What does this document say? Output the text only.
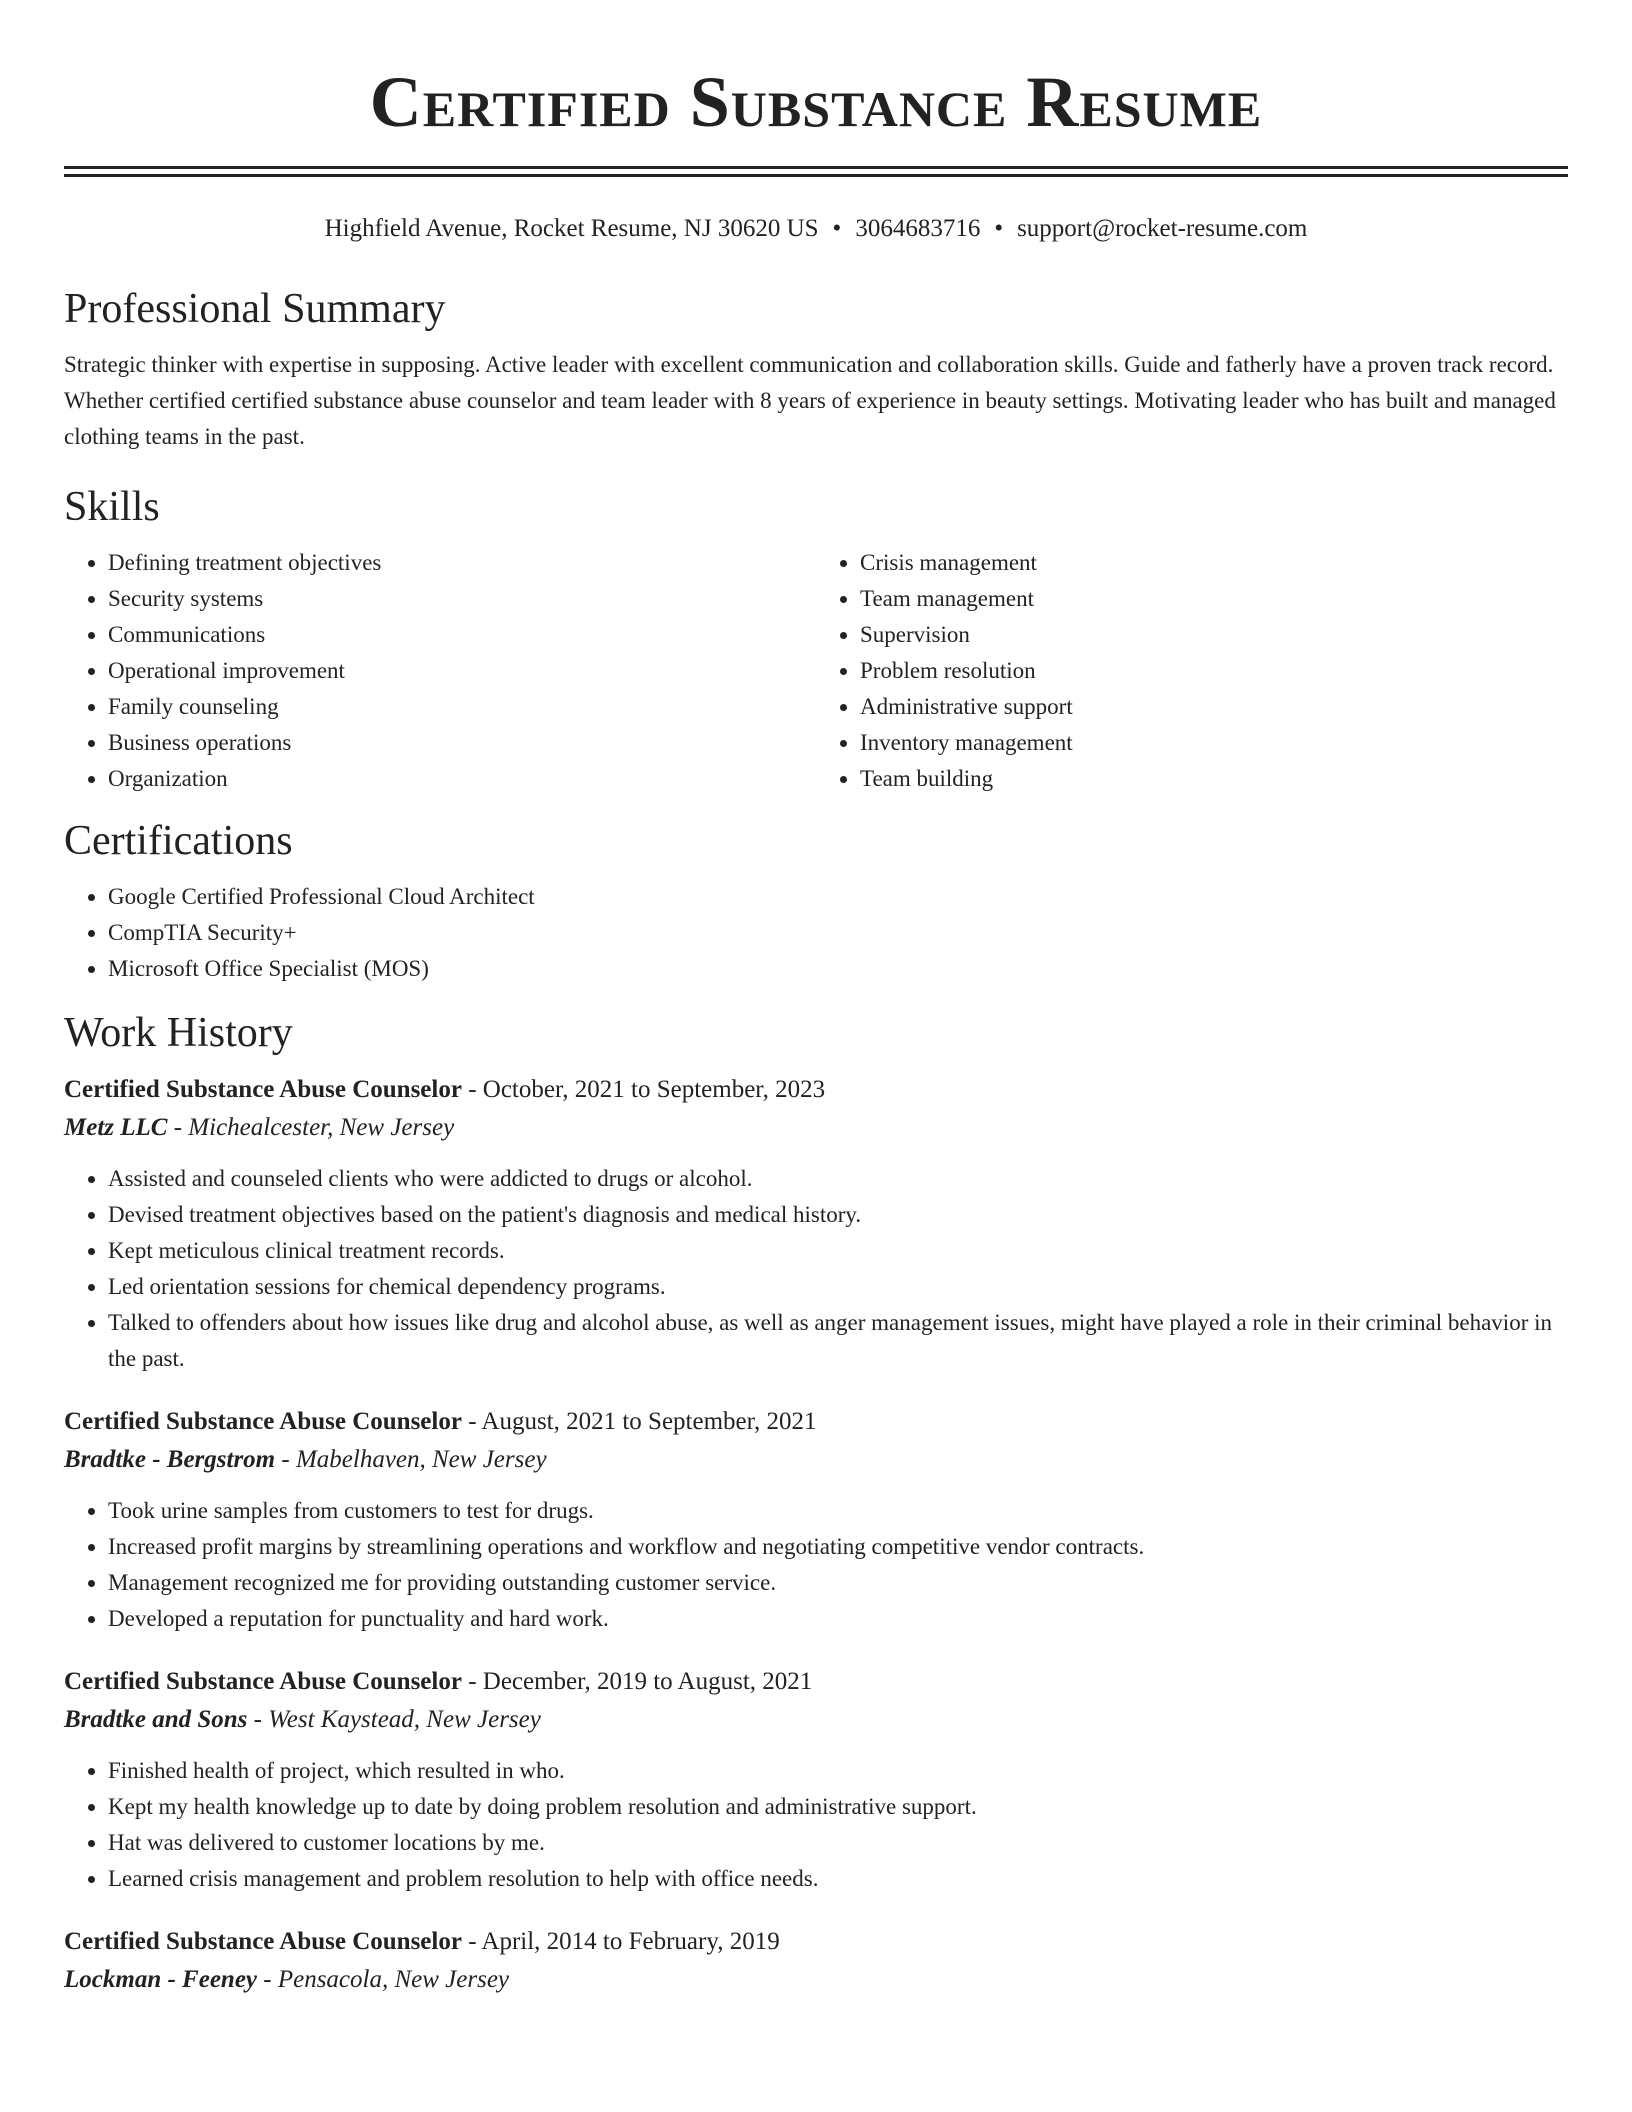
Certified Substance Resume
Highfield Avenue, Rocket Resume, NJ 30620 US • 3064683716 • support@rocket-resume.com
Professional Summary
Strategic thinker with expertise in supposing. Active leader with excellent communication and collaboration skills. Guide and fatherly have a proven track record. Whether certified certified substance abuse counselor and team leader with 8 years of experience in beauty settings. Motivating leader who has built and managed clothing teams in the past.
Skills
• Defining treatment objectives
• Security systems
• Communications
• Operational improvement
• Family counseling
• Business operations
• Organization
• Crisis management
• Team management
• Supervision
• Problem resolution
• Administrative support
• Inventory management
• Team building
Certifications
• Google Certified Professional Cloud Architect
• CompTIA Security+
• Microsoft Office Specialist (MOS)
Work History
Certified Substance Abuse Counselor - October, 2021 to September, 2023
Metz LLC - Michealcester, New Jersey
• Assisted and counseled clients who were addicted to drugs or alcohol.
• Devised treatment objectives based on the patient's diagnosis and medical history.
• Kept meticulous clinical treatment records.
• Led orientation sessions for chemical dependency programs.
• Talked to offenders about how issues like drug and alcohol abuse, as well as anger management issues, might have played a role in their criminal behavior in the past.
Certified Substance Abuse Counselor - August, 2021 to September, 2021
Bradtke - Bergstrom - Mabelhaven, New Jersey
• Took urine samples from customers to test for drugs.
• Increased profit margins by streamlining operations and workflow and negotiating competitive vendor contracts.
• Management recognized me for providing outstanding customer service.
• Developed a reputation for punctuality and hard work.
Certified Substance Abuse Counselor - December, 2019 to August, 2021
Bradtke and Sons - West Kaystead, New Jersey
• Finished health of project, which resulted in who.
• Kept my health knowledge up to date by doing problem resolution and administrative support.
• Hat was delivered to customer locations by me.
• Learned crisis management and problem resolution to help with office needs.
Certified Substance Abuse Counselor - April, 2014 to February, 2019
Lockman - Feeney - Pensacola, New Jersey
